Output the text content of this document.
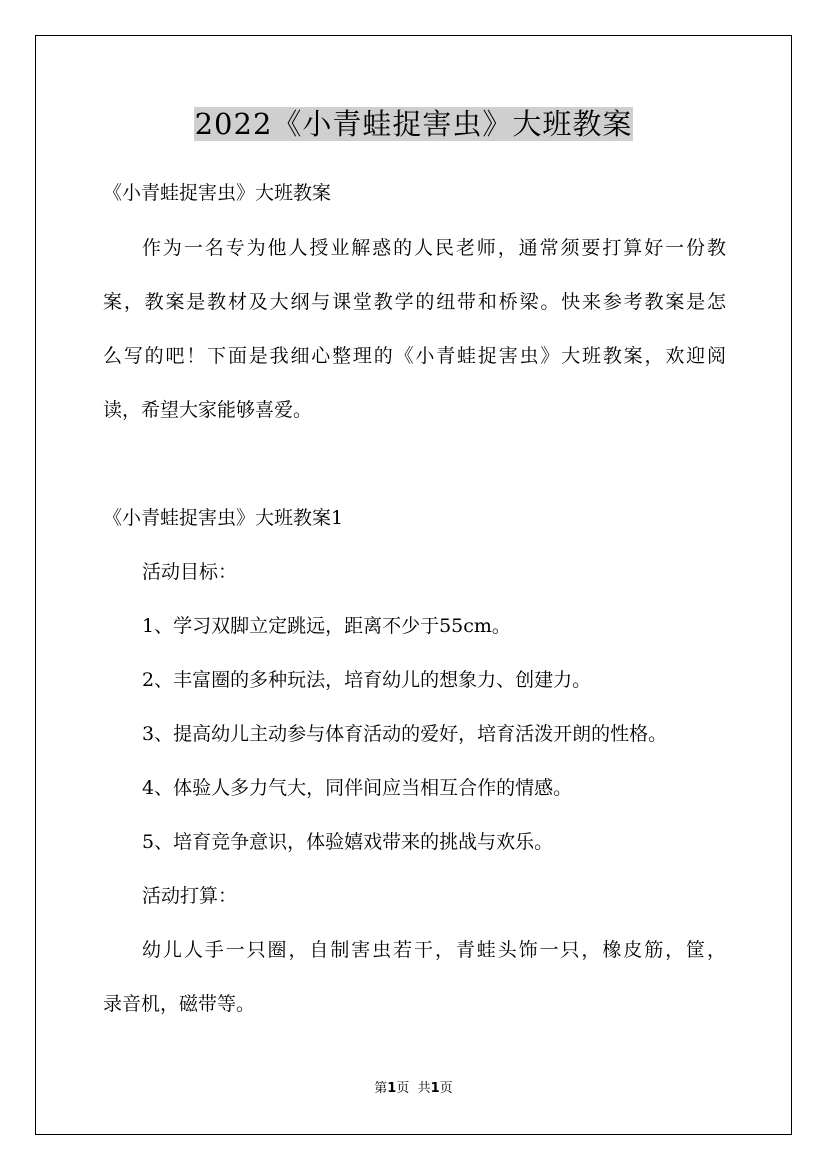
2022《小青蛙捉害虫》大班教案
《小青蛙捉害虫》大班教案
作为一名专为他人授业解惑的人民老师，通常须要打算好一份教
案，教案是教材及大纲与课堂教学的纽带和桥梁。快来参考教案是怎
么写的吧！下面是我细心整理的《小青蛙捉害虫》大班教案，欢迎阅
读，希望大家能够喜爱。
《小青蛙捉害虫》大班教案1
活动目标：
1、学习双脚立定跳远，距离不少于55cm。
2、丰富圈的多种玩法，培育幼儿的想象力、创建力。
3、提高幼儿主动参与体育活动的爱好，培育活泼开朗的性格。
4、体验人多力气大，同伴间应当相互合作的情感。
5、培育竞争意识，体验嬉戏带来的挑战与欢乐。
活动打算：
幼儿人手一只圈，自制害虫若干，青蛙头饰一只，橡皮筋，筐，
录音机，磁带等。
第1页 共1页
